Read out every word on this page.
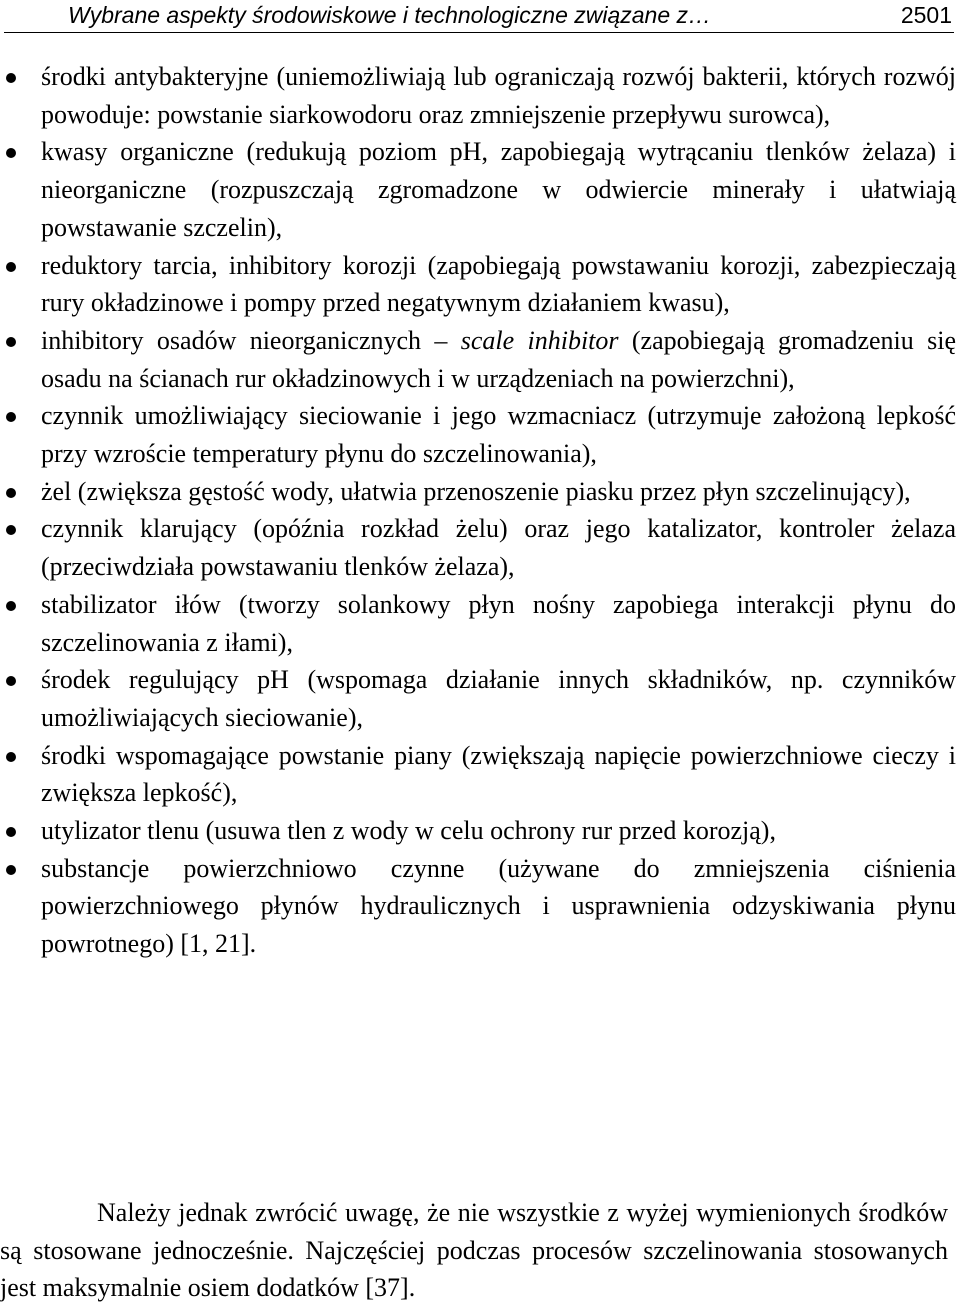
Wybrane aspekty środowiskowe i technologiczne związane z…	2501
środki antybakteryjne (uniemożliwiają lub ograniczają rozwój bakterii, których rozwój powoduje: powstanie siarkowodoru oraz zmniejszenie przepływu surowca),
kwasy organiczne (redukują poziom pH, zapobiegają wytrącaniu tlenków żelaza) i nieorganiczne (rozpuszczają zgromadzone w odwiercie minerały i ułatwiają powstawanie szczelin),
reduktory tarcia, inhibitory korozji (zapobiegają powstawaniu korozji, zabezpieczają rury okładzinowe i pompy przed negatywnym działaniem kwasu),
inhibitory osadów nieorganicznych – scale inhibitor (zapobiegają gromadzeniu się osadu na ścianach rur okładzinowych i w urządzeniach na powierzchni),
czynnik umożliwiający sieciowanie i jego wzmacniacz (utrzymuje założoną lepkość przy wzroście temperatury płynu do szczelinowania),
żel (zwiększa gęstość wody, ułatwia przenoszenie piasku przez płyn szczelinujący),
czynnik klarujący (opóźnia rozkład żelu) oraz jego katalizator, kontroler żelaza (przeciwdziała powstawaniu tlenków żelaza),
stabilizator iłów (tworzy solankowy płyn nośny zapobiega interakcji płynu do szczelinowania z iłami),
środek regulujący pH (wspomaga działanie innych składników, np. czynników umożliwiających sieciowanie),
środki wspomagające powstanie piany (zwiększają napięcie powierzchniowe cieczy i zwiększa lepkość),
utylizator tlenu (usuwa tlen z wody w celu ochrony rur przed korozją),
substancje powierzchniowo czynne (używane do zmniejszenia ciśnienia powierzchniowego płynów hydraulicznych i usprawnienia odzyskiwania płynu powrotnego) [1, 21].

Należy jednak zwrócić uwagę, że nie wszystkie z wyżej wymienionych środków są stosowane jednocześnie. Najczęściej podczas procesów szczelinowania stosowanych jest maksymalnie osiem dodatków [37].
